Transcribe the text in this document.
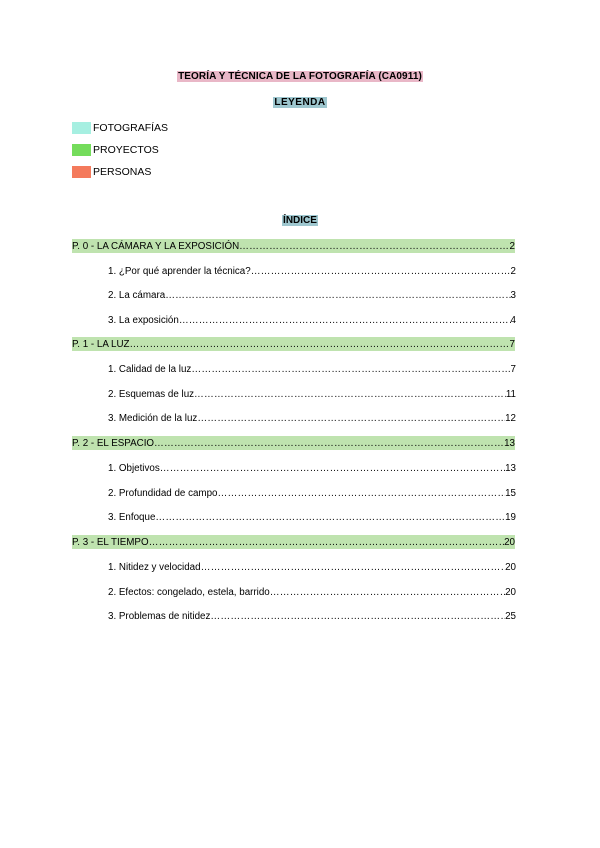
TEORÍA Y TÉCNICA DE LA FOTOGRAFÍA (CA0911)
LEYENDA
FOTOGRAFÍAS
PROYECTOS
PERSONAS
ÍNDICE
P. 0 - LA CÁMARA Y LA EXPOSICIÓN ……………………………………………………………………………………………………………………………………………………………………………………	2
1. ¿Por qué aprender la técnica? ……………………………………………………………………………………………………………………………………………………………………………………	2
2. La cámara ……………………………………………………………………………………………………………………………………………………………………………………	3
3. La exposición ……………………………………………………………………………………………………………………………………………………………………………………	4
P. 1 - LA LUZ ……………………………………………………………………………………………………………………………………………………………………………………	7
1. Calidad de la luz ……………………………………………………………………………………………………………………………………………………………………………………	7
2. Esquemas de luz ……………………………………………………………………………………………………………………………………………………………………………………	11
3. Medición de la luz ……………………………………………………………………………………………………………………………………………………………………………………	12
P. 2 - EL ESPACIO ……………………………………………………………………………………………………………………………………………………………………………………	13
1. Objetivos ……………………………………………………………………………………………………………………………………………………………………………………	13
2. Profundidad de campo ……………………………………………………………………………………………………………………………………………………………………………………	15
3. Enfoque ……………………………………………………………………………………………………………………………………………………………………………………	19
P. 3 - EL TIEMPO ……………………………………………………………………………………………………………………………………………………………………………………	20
1. Nitidez y velocidad ……………………………………………………………………………………………………………………………………………………………………………………	20
2. Efectos: congelado, estela, barrido ……………………………………………………………………………………………………………………………………………………………………………………	20
3. Problemas de nitidez ……………………………………………………………………………………………………………………………………………………………………………………	25
